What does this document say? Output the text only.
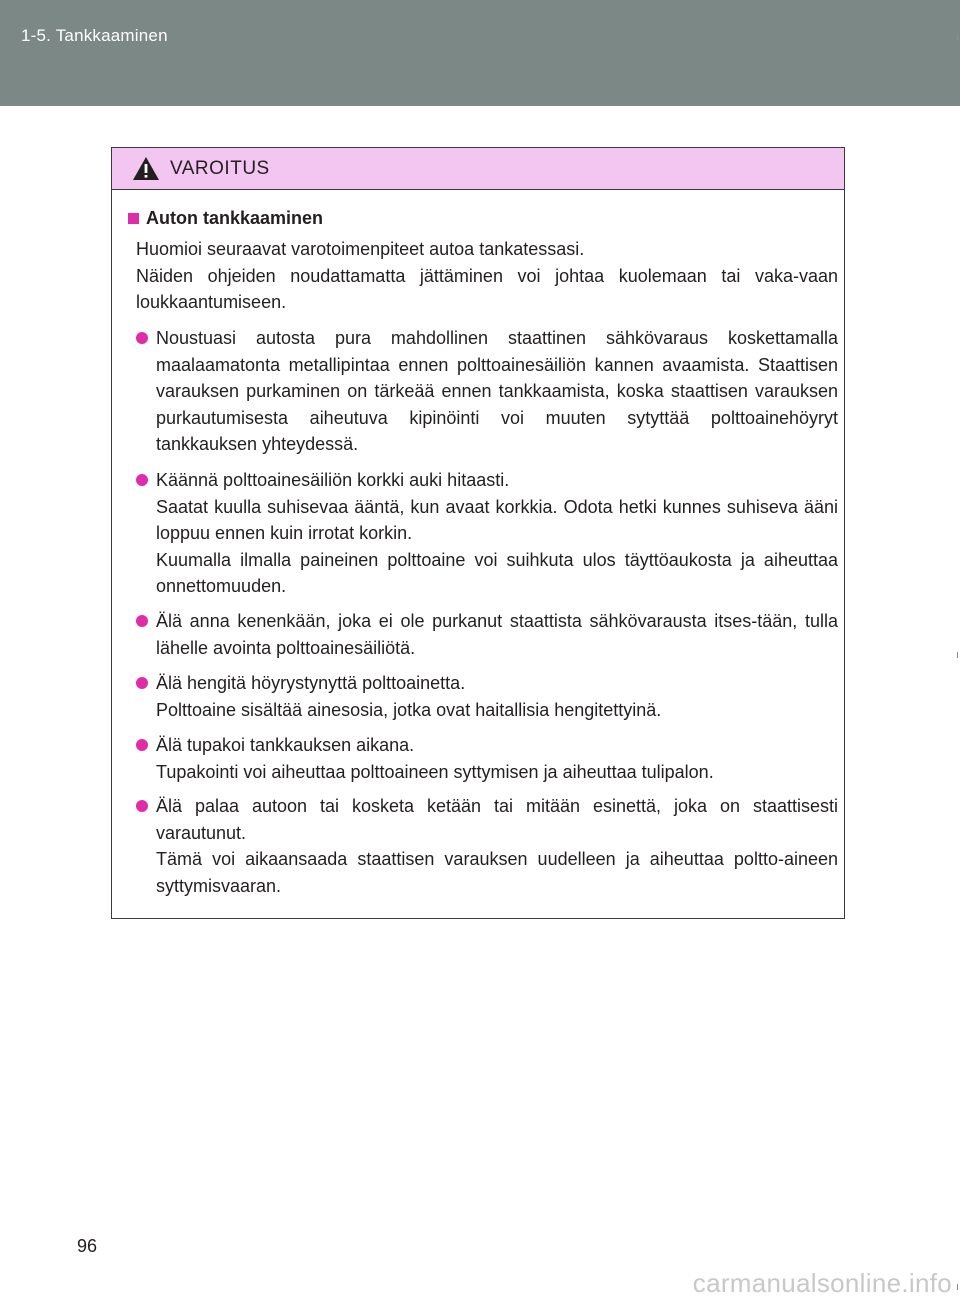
1-5. Tankkaaminen
VAROITUS
Auton tankkaaminen
Huomioi seuraavat varotoimenpiteet autoa tankatessasi.
Näiden ohjeiden noudattamatta jättäminen voi johtaa kuolemaan tai vaka-vaan loukkaantumiseen.

Noustuasi autosta pura mahdollinen staattinen sähkövaraus koskettamalla maalaamatonta metallipintaa ennen polttoainesäiliön kannen avaamista. Staattisen varauksen purkaminen on tärkeää ennen tankkaamista, koska staattisen varauksen purkautumisesta aiheutuva kipinöinti voi muuten sytyttää polttoainehöyryt tankkauksen yhteydessä.

Käännä polttoainesäiliön korkki auki hitaasti.

Saatat kuulla suhisevaa ääntä, kun avaat korkkia. Odota hetki kunnes suhiseva ääni loppuu ennen kuin irrotat korkin.

Kuumalla ilmalla paineinen polttoaine voi suihkuta ulos täyttöaukosta ja aiheuttaa onnettomuuden.

Älä anna kenenkään, joka ei ole purkanut staattista sähkövarausta itses-tään, tulla lähelle avointa polttoainesäiliötä.

Älä hengitä höyrystynyttä polttoainetta.

Polttoaine sisältää ainesosia, jotka ovat haitallisia hengitettyinä.

Älä tupakoi tankkauksen aikana.

Tupakointi voi aiheuttaa polttoaineen syttymisen ja aiheuttaa tulipalon.

Älä palaa autoon tai kosketa ketään tai mitään esinettä, joka on staattisesti varautunut.

Tämä voi aikaansaada staattisen varauksen uudelleen ja aiheuttaa poltto-aineen syttymisvaaran.

96
carmanualsonline.info
